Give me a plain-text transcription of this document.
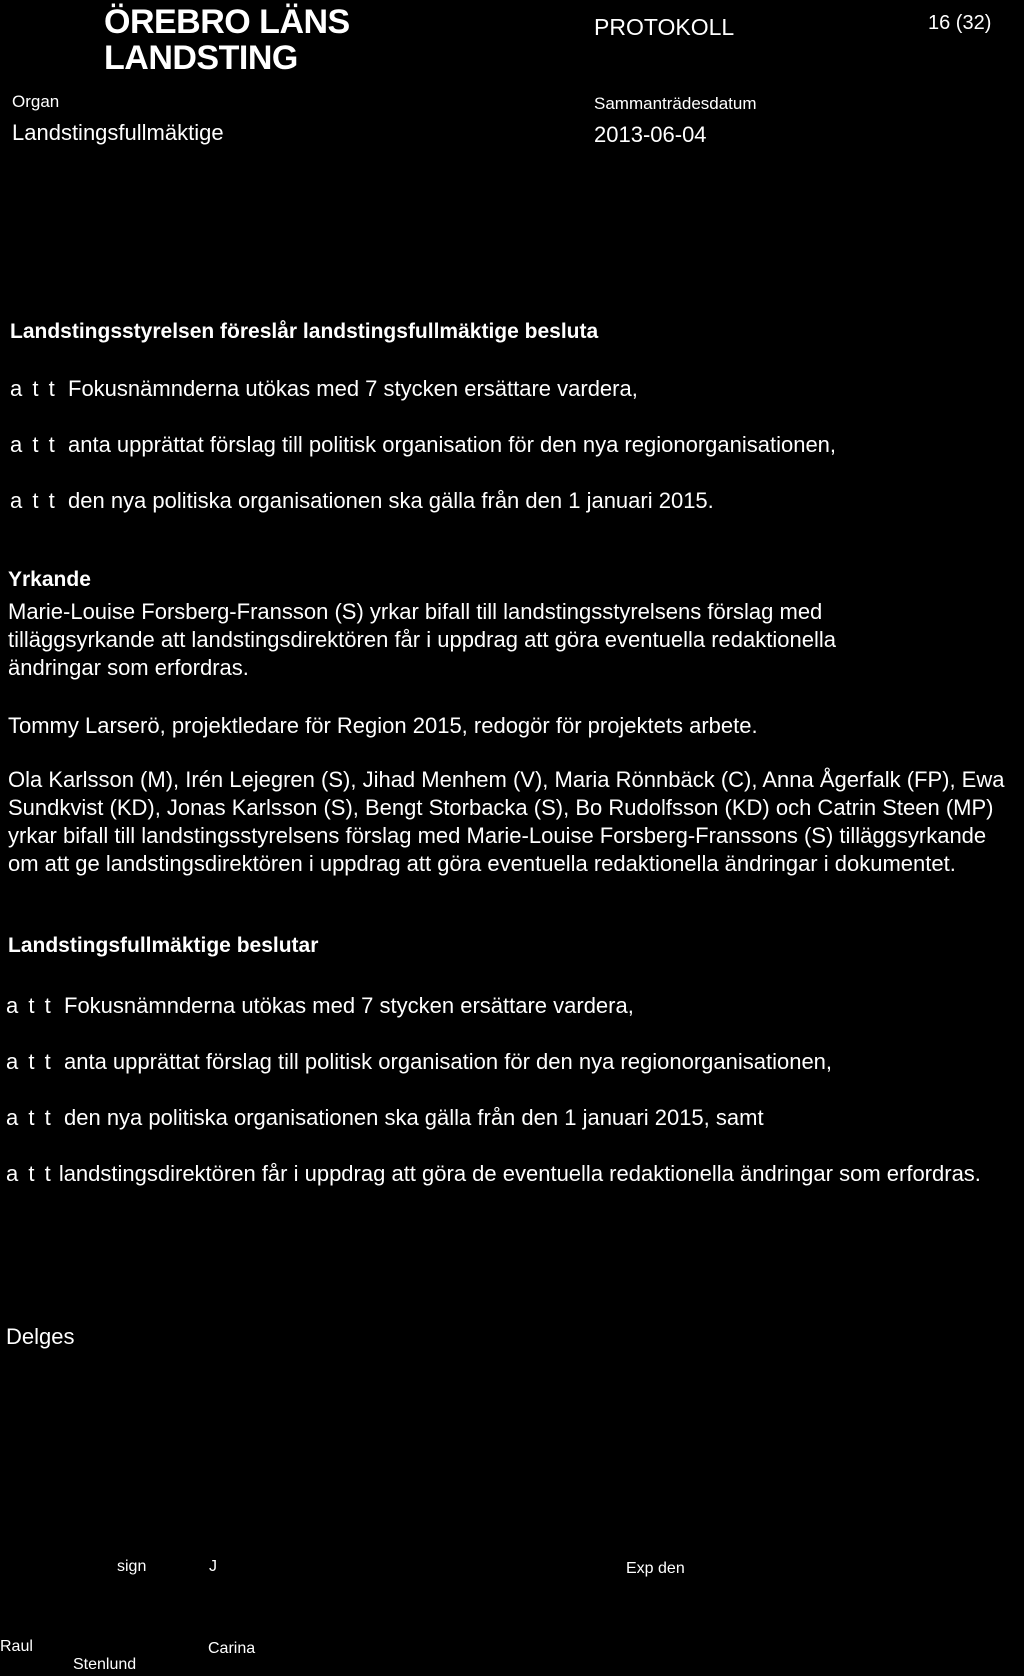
ÖREBRO LÄNS
LANDSTING
PROTOKOLL	16 (32)
Organ
Landstingsfullmäktige
Sammanträdesdatum
2013-06-04
Landstingsstyrelsen föreslår landstingsfullmäktige besluta
a t t Fokusnämnderna utökas med 7 stycken ersättare vardera,
a t t anta upprättat förslag till politisk organisation för den nya regionorganisationen,
a t t den nya politiska organisationen ska gälla från den 1 januari 2015.
Yrkande

Marie-Louise Forsberg-Fransson (S) yrkar bifall till landstingsstyrelsens förslag med tilläggsyrkande att landstingsdirektören får i uppdrag att göra eventuella redaktionella ändringar som erfordras.

Tommy Larserö, projektledare för Region 2015, redogör för projektets arbete.

Ola Karlsson (M), Irén Lejegren (S), Jihad Menhem (V), Maria Rönnbäck (C), Anna Ågerfalk (FP), Ewa Sundkvist (KD), Jonas Karlsson (S), Bengt Storbacka (S), Bo Rudolfsson (KD) och Catrin Steen (MP) yrkar bifall till landstingsstyrelsens förslag med Marie-Louise Forsberg-Franssons (S) tilläggsyrkande om att ge landstingsdirektören i uppdrag att göra eventuella redaktionella ändringar i dokumentet.

Landstingsfullmäktige beslutar
a t t Fokusnämnderna utökas med 7 stycken ersättare vardera,
a t t anta upprättat förslag till politisk organisation för den nya regionorganisationen,
a t t den nya politiska organisationen ska gälla från den 1 januari 2015, samt

a t t landstingsdirektören får i uppdrag att göra de eventuella redaktionella ändringar som erfordras.

Delges
sign	J	Exp den
Raul	Carina
Stenlund
